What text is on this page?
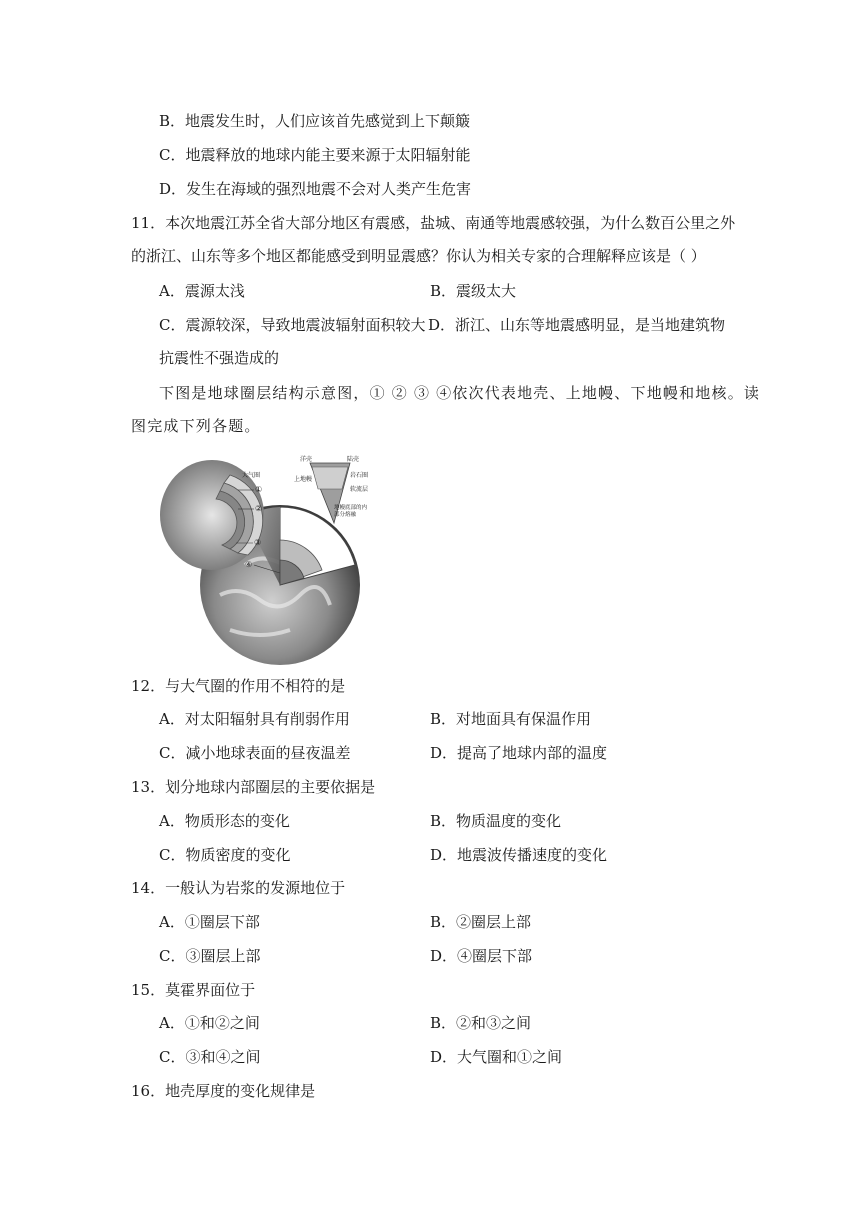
B．地震发生时，人们应该首先感觉到上下颠簸
C．地震释放的地球内能主要来源于太阳辐射能
D．发生在海域的强烈地震不会对人类产生危害
11．本次地震江苏全省大部分地区有震感，盐城、南通等地震感较强，为什么数百公里之外
的浙江、山东等多个地区都能感受到明显震感？你认为相关专家的合理解释应该是（ ）
A．震源太浅	B．震级太大
C．震源较深，导致地震波辐射面积较大 D．浙江、山东等地震感明显，是当地建筑物
抗震性不强造成的
下图是地球圈层结构示意图，① ② ③ ④依次代表地壳、上地幔、下地幔和地核。读
图完成下列各题。
大气圈
洋壳	陆壳
上地幔
岩石圈
软流层
地幔底部的内
部分熔融
①
②
③
④
12．与大气圈的作用不相符的是
A．对太阳辐射具有削弱作用	B．对地面具有保温作用
C．减小地球表面的昼夜温差	D．提高了地球内部的温度
13．划分地球内部圈层的主要依据是
A．物质形态的变化	B．物质温度的变化
C．物质密度的变化	D．地震波传播速度的变化
14．一般认为岩浆的发源地位于
A．①圈层下部	B．②圈层上部
C．③圈层上部	D．④圈层下部
15．莫霍界面位于
A．①和②之间	B．②和③之间
C．③和④之间	D．大气圈和①之间
16．地壳厚度的变化规律是
